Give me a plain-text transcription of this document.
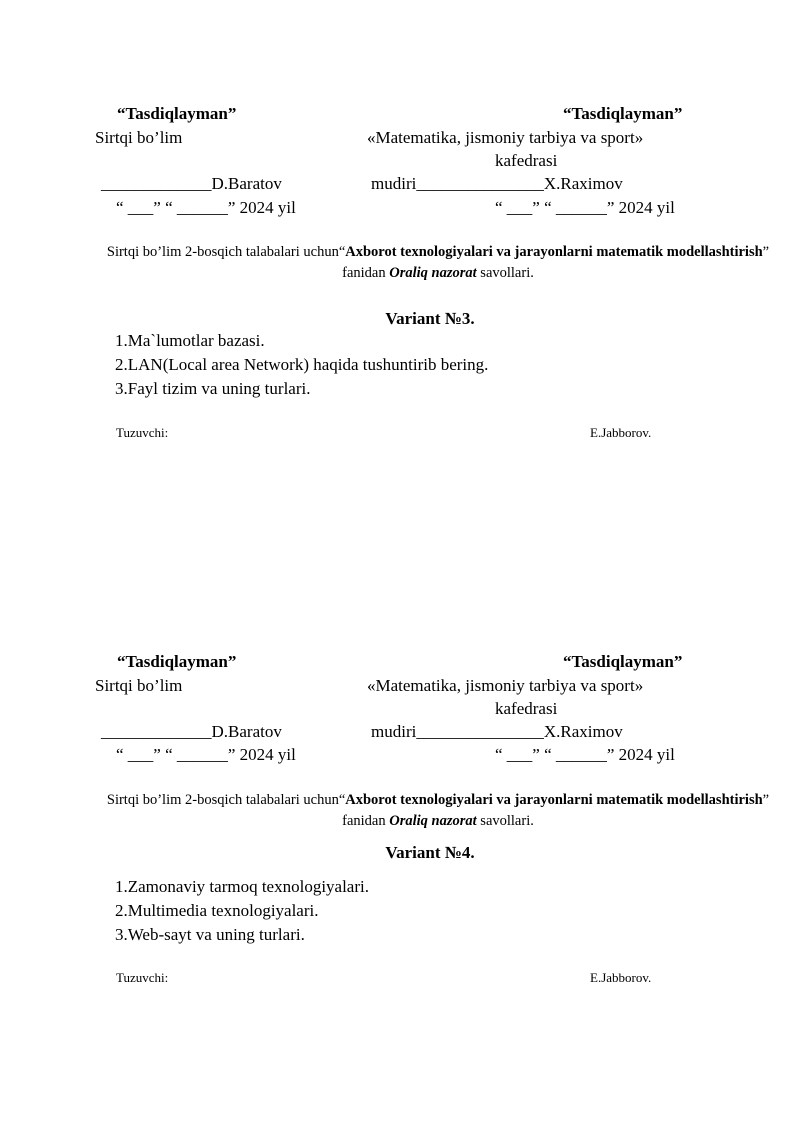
“Tasdiqlayman”	“Tasdiqlayman”
Sirtqi bo’lim	«Matematika, jismoniy tarbiya va sport»
kafedrasi
_____________D.Baratov	mudiri_______________X.Raximov
“ ___” “ ______” 2024 yil	“ ___” “ ______” 2024 yil
Sirtqi bo’lim 2-bosqich talabalari uchun“Axborot texnologiyalari va jarayonlarni matematik modellashtirish” fanidan Oraliq nazorat savollari.
Variant №3.
1.Ma`lumotlar bazasi.
2.LAN(Local area Network) haqida tushuntirib bering.
3.Fayl tizim va uning turlari.
Tuzuvchi:	E.Jabborov.
“Tasdiqlayman”	“Tasdiqlayman”
Sirtqi bo’lim	«Matematika, jismoniy tarbiya va sport»
kafedrasi
_____________D.Baratov	mudiri_______________X.Raximov
“ ___” “ ______” 2024 yil	“ ___” “ ______” 2024 yil
Sirtqi bo’lim 2-bosqich talabalari uchun“Axborot texnologiyalari va jarayonlarni matematik modellashtirish” fanidan Oraliq nazorat savollari.
Variant №4.
1.Zamonaviy tarmoq texnologiyalari.
2.Multimedia texnologiyalari.
3.Web-sayt va uning turlari.
Tuzuvchi:	E.Jabborov.
